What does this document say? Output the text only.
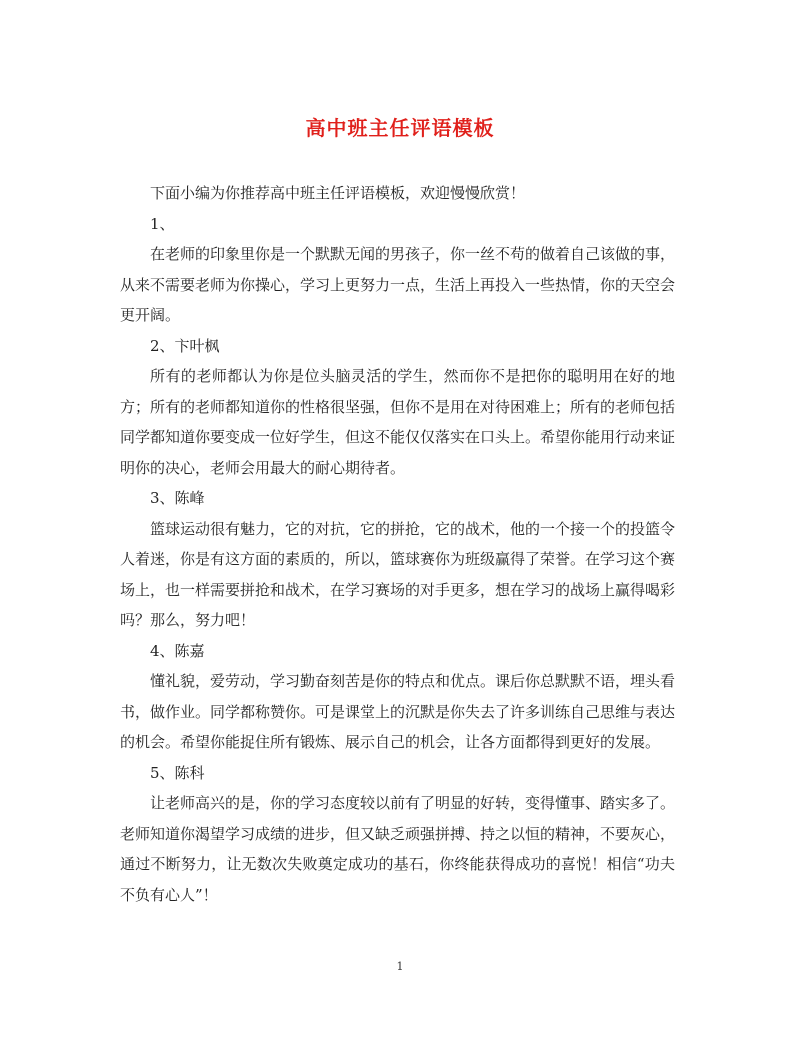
高中班主任评语模板

下面小编为你推荐高中班主任评语模板，欢迎慢慢欣赏！

1、

在老师的印象里你是一个默默无闻的男孩子，你一丝不苟的做着自己该做的事，从来不需要老师为你操心，学习上更努力一点，生活上再投入一些热情，你的天空会更开阔。

2、卞叶枫

所有的老师都认为你是位头脑灵活的学生，然而你不是把你的聪明用在好的地方；所有的老师都知道你的性格很坚强，但你不是用在对待困难上；所有的老师包括同学都知道你要变成一位好学生，但这不能仅仅落实在口头上。希望你能用行动来证明你的决心，老师会用最大的耐心期待者。

3、陈峰

篮球运动很有魅力，它的对抗，它的拼抢，它的战术，他的一个接一个的投篮令人着迷，你是有这方面的素质的，所以，篮球赛你为班级赢得了荣誉。在学习这个赛场上，也一样需要拼抢和战术，在学习赛场的对手更多，想在学习的战场上赢得喝彩吗？那么，努力吧！

4、陈嘉

懂礼貌，爱劳动，学习勤奋刻苦是你的特点和优点。课后你总默默不语，埋头看书，做作业。同学都称赞你。可是课堂上的沉默是你失去了许多训练自己思维与表达的机会。希望你能捉住所有锻炼、展示自己的机会，让各方面都得到更好的发展。

5、陈科

让老师高兴的是，你的学习态度较以前有了明显的好转，变得懂事、踏实多了。老师知道你渴望学习成绩的进步，但又缺乏顽强拼搏、持之以恒的精神，不要灰心，通过不断努力，让无数次失败奠定成功的基石，你终能获得成功的喜悦！相信“功夫不负有心人”！

1
